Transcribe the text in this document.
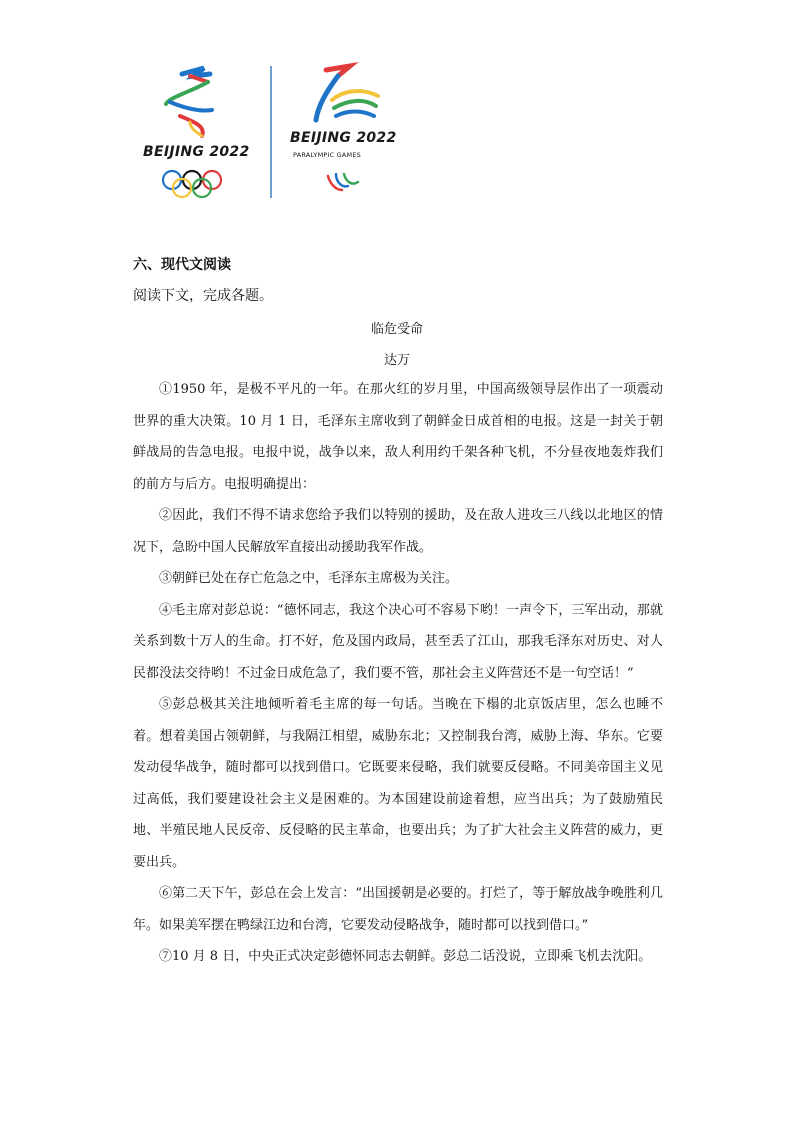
BEIJING 2022
BEIJING 2022
PARALYMPIC GAMES
六、现代文阅读
阅读下文，完成各题。
临危受命
达万

①1950 年，是极不平凡的一年。在那火红的岁月里，中国高级领导层作出了一项震动世界的重大决策。10 月 1 日，毛泽东主席收到了朝鲜金日成首相的电报。这是一封关于朝鲜战局的告急电报。电报中说，战争以来，敌人利用约千架各种飞机，不分昼夜地轰炸我们的前方与后方。电报明确提出：

②因此，我们不得不请求您给予我们以特别的援助，及在敌人进攻三八线以北地区的情况下，急盼中国人民解放军直接出动援助我军作战。

③朝鲜已处在存亡危急之中，毛泽东主席极为关注。

④毛主席对彭总说：“德怀同志，我这个决心可不容易下哟！一声令下，三军出动，那就关系到数十万人的生命。打不好，危及国内政局，甚至丢了江山，那我毛泽东对历史、对人民都没法交待哟！不过金日成危急了，我们要不管，那社会主义阵营还不是一句空话！”

⑤彭总极其关注地倾听着毛主席的每一句话。当晚在下榻的北京饭店里，怎么也睡不着。想着美国占领朝鲜，与我隔江相望，威胁东北；又控制我台湾，威胁上海、华东。它要发动侵华战争，随时都可以找到借口。它既要来侵略，我们就要反侵略。不同美帝国主义见过高低，我们要建设社会主义是困难的。为本国建设前途着想，应当出兵；为了鼓励殖民地、半殖民地人民反帝、反侵略的民主革命，也要出兵；为了扩大社会主义阵营的威力，更要出兵。

⑥第二天下午，彭总在会上发言：“出国援朝是必要的。打烂了，等于解放战争晚胜利几年。如果美军摆在鸭绿江边和台湾，它要发动侵略战争，随时都可以找到借口。”

⑦10 月 8 日，中央正式决定彭德怀同志去朝鲜。彭总二话没说，立即乘飞机去沈阳。
